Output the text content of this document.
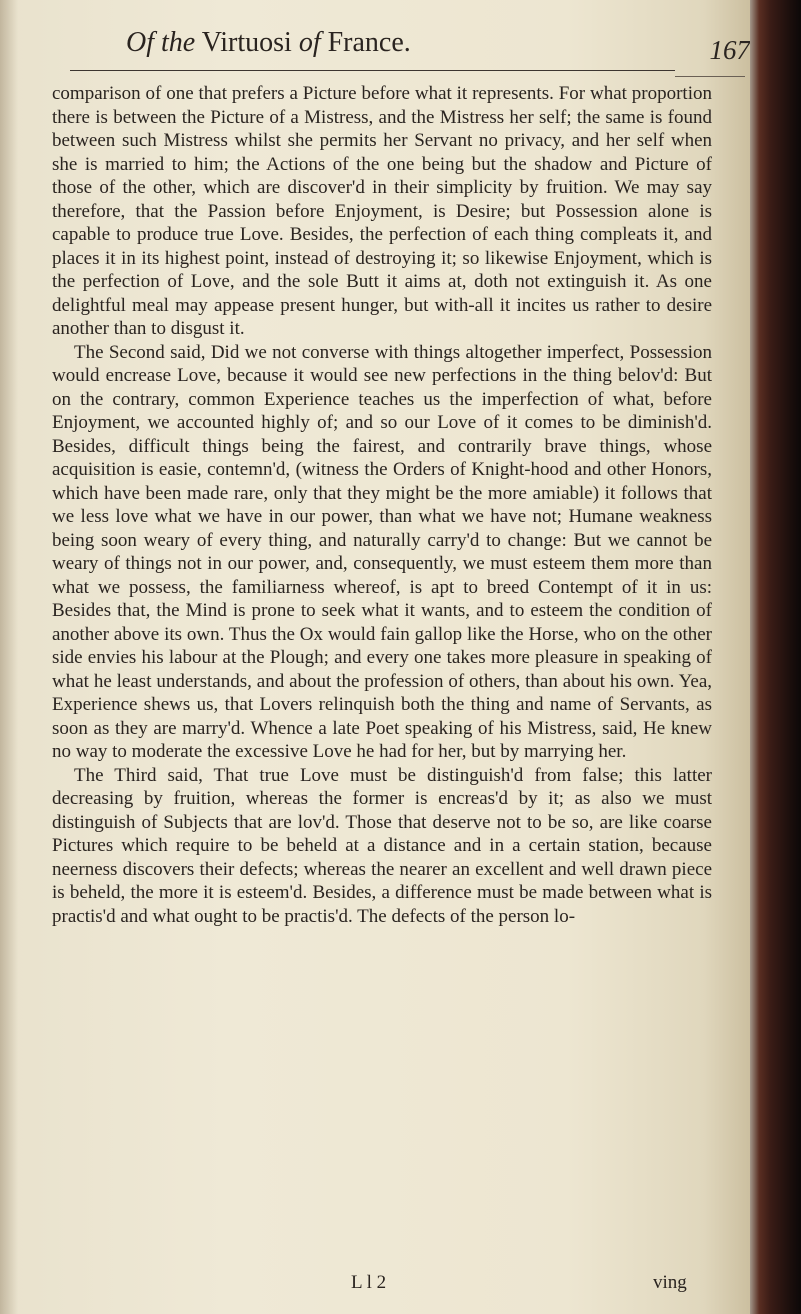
Of the Virtuosi of France.	167

comparison of one that prefers a Picture before what it represents. For what proportion there is between the Picture of a Mistress, and the Mistress her self; the same is found between such Mistress whilst she permits her Servant no privacy, and her self when she is married to him; the Actions of the one being but the shadow and Picture of those of the other, which are discover'd in their simplicity by fruition. We may say therefore, that the Passion before Enjoyment, is Desire; but Possession alone is capable to produce true Love. Besides, the perfection of each thing compleats it, and places it in its highest point, instead of destroying it; so likewise Enjoyment, which is the perfection of Love, and the sole Butt it aims at, doth not extinguish it. As one delightful meal may appease present hunger, but with-all it incites us rather to desire another than to disgust it.

The Second said, Did we not converse with things altogether imperfect, Possession would encrease Love, because it would see new perfections in the thing belov'd: But on the contrary, common Experience teaches us the imperfection of what, before Enjoyment, we accounted highly of; and so our Love of it comes to be diminish'd. Besides, difficult things being the fairest, and contrarily brave things, whose acquisition is easie, contemn'd, (witness the Orders of Knight-hood and other Honors, which have been made rare, only that they might be the more amiable) it follows that we less love what we have in our power, than what we have not; Humane weakness being soon weary of every thing, and naturally carry'd to change: But we cannot be weary of things not in our power, and, consequently, we must esteem them more than what we possess, the familiarness whereof, is apt to breed Contempt of it in us: Besides that, the Mind is prone to seek what it wants, and to esteem the condition of another above its own. Thus the Ox would fain gallop like the Horse, who on the other side envies his labour at the Plough; and every one takes more pleasure in speaking of what he least understands, and about the profession of others, than about his own. Yea, Experience shews us, that Lovers relinquish both the thing and name of Servants, as soon as they are marry'd. Whence a late Poet speaking of his Mistress, said, He knew no way to moderate the excessive Love he had for her, but by marrying her.

The Third said, That true Love must be distinguish'd from false; this latter decreasing by fruition, whereas the former is encreas'd by it; as also we must distinguish of Subjects that are lov'd. Those that deserve not to be so, are like coarse Pictures which require to be beheld at a distance and in a certain station, because neerness discovers their defects; whereas the nearer an excellent and well drawn piece is beheld, the more it is esteem'd. Besides, a difference must be made between what is practis'd and what ought to be practis'd. The defects of the person lo-

L l 2	ving
